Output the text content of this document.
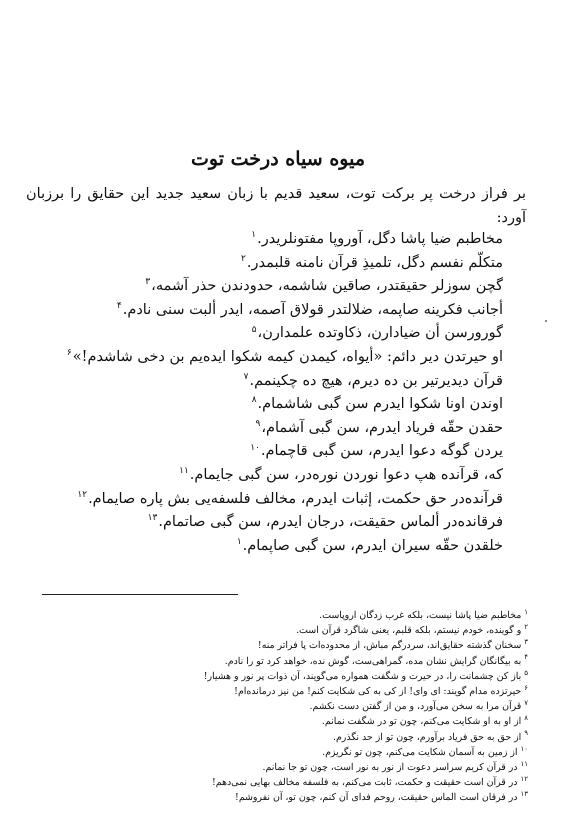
میوه سیاه درخت توت
بر فراز درخت پر برکت توت، سعید قدیم با زبان سعید جدید این حقایق را برزبان آورد:
مخاطبم ضیا پاشا دگل، آوروپا مفتونلریدر.$^۱$
متکلّم نفسم دگل، تلمیذِ قرآن نامنه قلبمدر.$^۲$
گچن سوزلر حقیقتدر، صاقین شاشمه، حدودندن حذر آشمه،$^۳$
أجانب فکرینه صاپمه، ضلالتدر قولاق آصمه، ایدر ألبت سنی نادم.$^۴$
گورورسن أن ضیادارن، ذکاوتده علمدارن،$^۵$
او حیرتدن دیر دائم: «أیواه، کیمدن کیمه شکوا ایده‌یم بن دخی شاشدم!»$^۶$
قرآن دیدیرتیر بن ده دیرم، هیچ ده چکینمم.$^۷$
اوندن اونا شکوا ایدرم سن گبی شاشمام.$^۸$
حقدن حقّه فریاد ایدرم، سن گبی آشمام،$^۹$
یردن گوگه دعوا ایدرم، سن گبی قاچمام.$^{۱۰}$
که، قرآنده هپ دعوا نوردن نوره‌در، سن گبی جایمام.$^{۱۱}$
قرآنده‌در حق حکمت، إثبات ایدرم، مخالف فلسفه‌یی بش پاره صایمام.$^{۱۲}$
فرقانده‌در ألماس حقیقت، درجان ایدرم، سن گبی صاتمام.$^{۱۳}$
خلقدن حقّه سیران ایدرم، سن گبی صاپمام.$^۱$
$^۱$مخاطبم ضیا پاشا نیست، بلکه غرب زدگان اروپاست.
$^۲$و گوینده، خودم نیستم، بلکه قلبم، یعنی شاگرد قرآن است.
$^۳$سخنان گذشته حقایق‌اند، سردرگم مباش، از محدوده‌ات پا فراتر منه!
$^۴$به بیگانگان گرایش نشان مده، گمراهی‌ست، گوش نده، خواهد کرد تو را نادم.
$^۵$باز کن چشمانت را، در حیرت و شگفت همواره می‌گویند، آن ذوات پر نور و هشیار!
$^۶$حیرتزده مدام گویند: ای وای! از کی به کی شکایت کنم! من نیز درمانده‌ام!
$^۷$قرآن مرا به سخن می‌آورد، و من از گفتن دست نکشم.
$^۸$از او به او شکایت می‌کنم، چون تو در شگفت نمانم.
$^۹$از حق به حق فریاد برآورم، چون تو از حد نگذرم.
$^{۱۰}$از زمین به آسمان شکایت می‌کنم، چون تو نگریزم.
$^{۱۱}$در قرآن کریم سراسر دعوت از نور به نور است، چون تو جا نمانم.
$^{۱۲}$در قرآن است حقیقت و حکمت، ثابت می‌کنم، به فلسفه مخالف بهایی نمی‌دهم!
$^{۱۳}$در فرقان است الماس حقیقت، روحم فدای آن کنم، چون تو، آن نفروشم!
